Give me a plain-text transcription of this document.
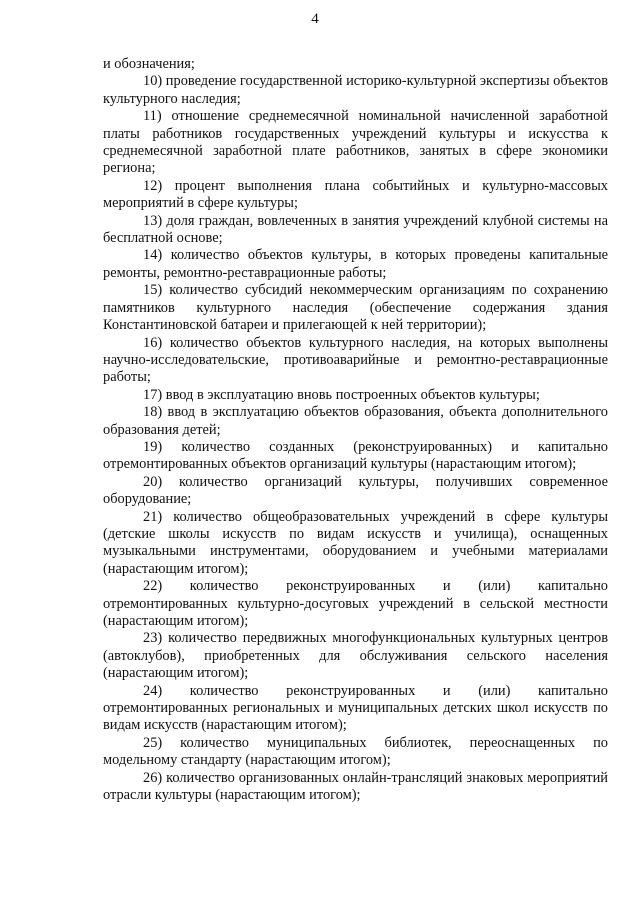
4

и обозначения;

10) проведение государственной историко-культурной экспертизы объектов культурного наследия;

11) отношение среднемесячной номинальной начисленной заработной платы работников государственных учреждений культуры и искусства к среднемесячной заработной плате работников, занятых в сфере экономики региона;

12) процент выполнения плана событийных и культурно-массовых мероприятий в сфере культуры;

13) доля граждан, вовлеченных в занятия учреждений клубной системы на бесплатной основе;

14) количество объектов культуры, в которых проведены капитальные ремонты, ремонтно-реставрационные работы;

15) количество субсидий некоммерческим организациям по сохранению памятников культурного наследия (обеспечение содержания здания Константиновской батареи и прилегающей к ней территории);

16) количество объектов культурного наследия, на которых выполнены научно-исследовательские, противоаварийные и ремонтно-реставрационные работы;

17) ввод в эксплуатацию вновь построенных объектов культуры;

18) ввод в эксплуатацию объектов образования, объекта дополнительного образования детей;

19) количество созданных (реконструированных) и капитально отремонтированных объектов организаций культуры (нарастающим итогом);

20) количество организаций культуры, получивших современное оборудование;

21) количество общеобразовательных учреждений в сфере культуры (детские школы искусств по видам искусств и училища), оснащенных музыкальными инструментами, оборудованием и учебными материалами (нарастающим итогом);

22) количество реконструированных и (или) капитально отремонтированных культурно-досуговых учреждений в сельской местности (нарастающим итогом);

23) количество передвижных многофункциональных культурных центров (автоклубов), приобретенных для обслуживания сельского населения (нарастающим итогом);

24) количество реконструированных и (или) капитально отремонтированных региональных и муниципальных детских школ искусств по видам искусств (нарастающим итогом);

25) количество муниципальных библиотек, переоснащенных по модельному стандарту (нарастающим итогом);

26) количество организованных онлайн-трансляций знаковых мероприятий отрасли культуры (нарастающим итогом);
